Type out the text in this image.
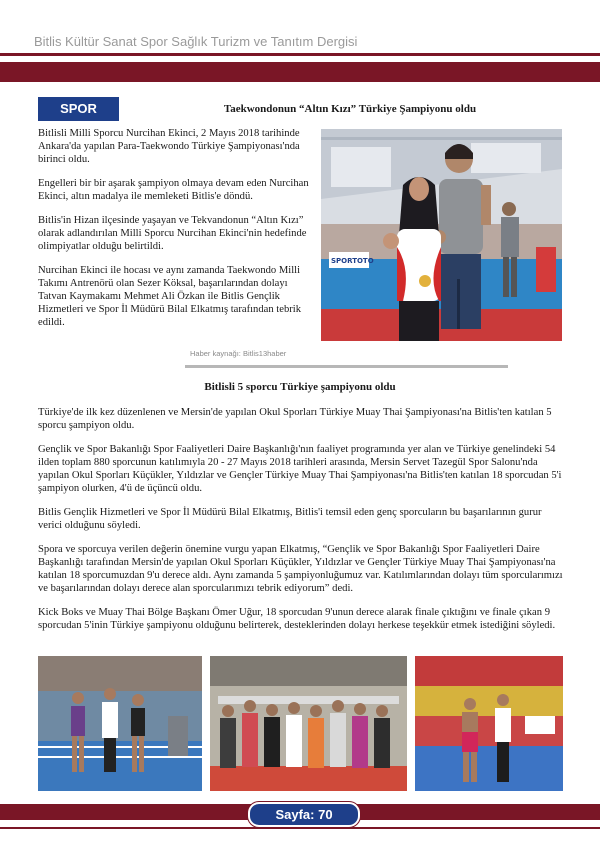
Bitlis Kültür Sanat Spor Sağlık Turizm ve Tanıtım Dergisi
SPOR	Taekwondonun “Altın Kızı” Türkiye Şampiyonu oldu

Bitlisli Milli Sporcu Nurcihan Ekinci, 2 Mayıs 2018 tarihinde Ankara'da yapılan Para-Taekwondo Türkiye Şampiyonası'nda birinci oldu.

Engelleri bir bir aşarak şampiyon olmaya devam eden Nurcihan Ekinci, altın madalya ile memleketi Bitlis'e döndü.

Bitlis'in Hizan ilçesinde yaşayan ve Tekvandonun “Altın Kızı” olarak adlandırılan Milli Sporcu Nurcihan Ekinci'nin hedefinde olimpiyatlar olduğu belirtildi.

Nurcihan Ekinci ile hocası ve aynı zamanda Taekwondo Milli Takımı Antrenörü olan Sezer Köksal, başarılarından dolayı Tatvan Kaymakamı Mehmet Ali Özkan ile Bitlis Gençlik Hizmetleri ve Spor İl Müdürü Bilal Elkatmış tarafından tebrik edildi.

Haber kaynağı: Bitlis13haber
SPORTOTO
Bitlisli 5 sporcu Türkiye şampiyonu oldu

Türkiye'de ilk kez düzenlenen ve Mersin'de yapılan Okul Sporları Türkiye Muay Thai Şampiyonası'na Bitlis'ten katılan 5 sporcu şampiyon oldu.

Gençlik ve Spor Bakanlığı Spor Faaliyetleri Daire Başkanlığı'nın faaliyet programında yer alan ve Türkiye genelindeki 54 ilden toplam 880 sporcunun katılımıyla 20 - 27 Mayıs 2018 tarihleri arasında, Mersin Servet Tazegül Spor Salonu'nda yapılan Okul Sporları Küçükler, Yıldızlar ve Gençler Türkiye Muay Thai Şampiyonası'na Bitlis'ten katılan 18 sporcudan 5'i şampiyon olurken, 4'ü de üçüncü oldu.

Bitlis Gençlik Hizmetleri ve Spor İl Müdürü Bilal Elkatmış, Bitlis'i temsil eden genç sporcuların bu başarılarının gurur verici olduğunu söyledi.

Spora ve sporcuya verilen değerin önemine vurgu yapan Elkatmış, “Gençlik ve Spor Bakanlığı Spor Faaliyetleri Daire Başkanlığı tarafından Mersin'de yapılan Okul Sporları Küçükler, Yıldızlar ve Gençler Türkiye Muay Thai Şampiyonası'na katılan 18 sporcumuzdan 9'u derece aldı. Aynı zamanda 5 şampiyonluğumuz var. Katılımlarından dolayı tüm sporcularımızı ve başarılarından dolayı derece alan sporcularımızı tebrik ediyorum” dedi.

Kick Boks ve Muay Thai Bölge Başkanı Ömer Uğur, 18 sporcudan 9'unun derece alarak finale çıktığını ve finale çıkan 9 sporcudan 5'inin Türkiye şampiyonu olduğunu belirterek, desteklerinden dolayı herkese teşekkür etmek istediğini söyledi.

Sayfa: 70
